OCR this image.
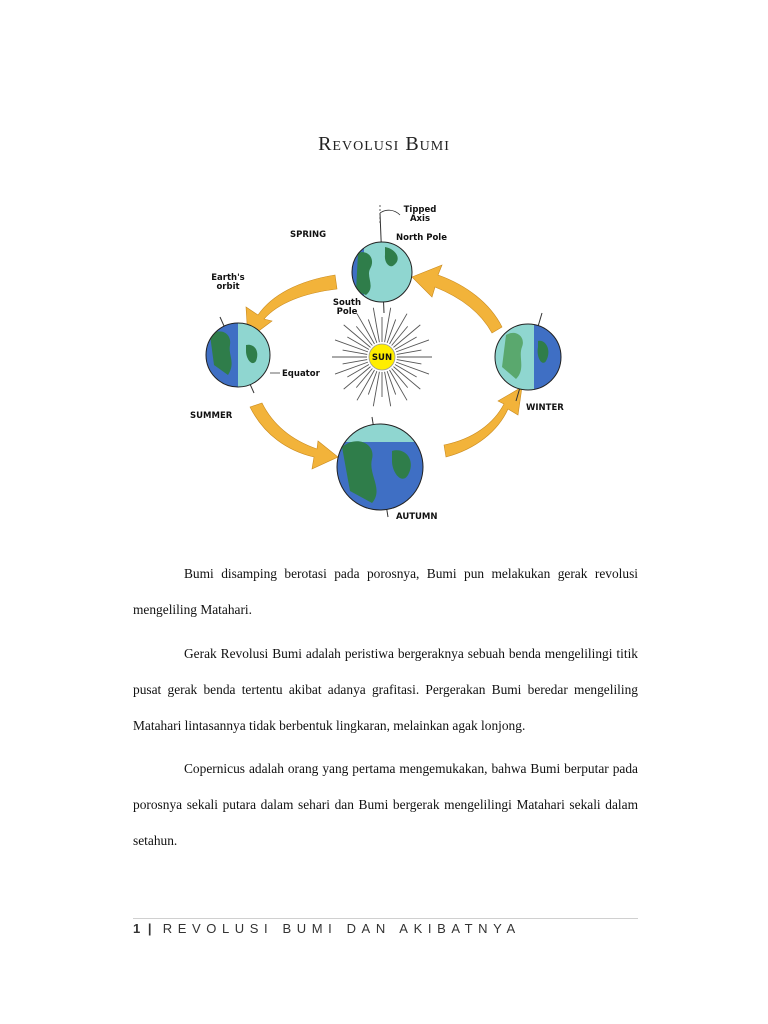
Revolusi Bumi
SUN
Tipped
Axis
North Pole
SPRING
Earth's
orbit
South
Pole
Equator
SUMMER
WINTER
AUTUMN

Bumi disamping berotasi pada porosnya, Bumi pun melakukan gerak revolusi mengeliling Matahari.

Gerak Revolusi Bumi adalah peristiwa bergeraknya sebuah benda mengelilingi titik pusat gerak benda tertentu akibat adanya grafitasi. Pergerakan Bumi beredar mengeliling Matahari lintasannya tidak berbentuk lingkaran, melainkan agak lonjong.

Copernicus adalah orang yang pertama mengemukakan, bahwa Bumi berputar pada porosnya sekali putara dalam sehari dan Bumi bergerak mengelilingi Matahari sekali dalam setahun.

1 | REVOLUSI BUMI DAN AKIBATNYA
